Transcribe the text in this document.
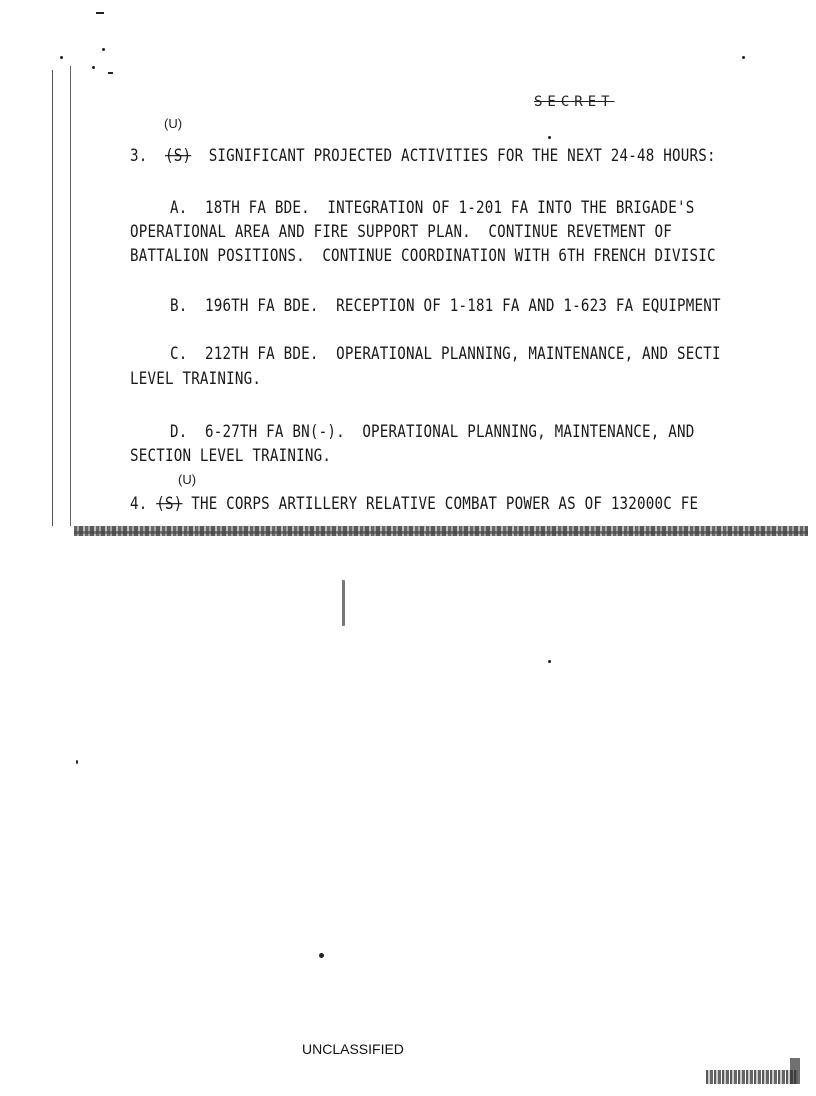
SECRET
(U)
3. (S) SIGNIFICANT PROJECTED ACTIVITIES FOR THE NEXT 24-48 HOURS:
A.  18TH FA BDE.  INTEGRATION OF 1-201 FA INTO THE BRIGADE'S
OPERATIONAL AREA AND FIRE SUPPORT PLAN.  CONTINUE REVETMENT OF
BATTALION POSITIONS.  CONTINUE COORDINATION WITH 6TH FRENCH DIVISIC
B.  196TH FA BDE.  RECEPTION OF 1-181 FA AND 1-623 FA EQUIPMENT
C.  212TH FA BDE.  OPERATIONAL PLANNING, MAINTENANCE, AND SECTI
LEVEL TRAINING.
D.  6-27TH FA BN(-).  OPERATIONAL PLANNING, MAINTENANCE, AND
SECTION LEVEL TRAINING.
(U)
4. (S) THE CORPS ARTILLERY RELATIVE COMBAT POWER AS OF 132000C FE
UNCLASSIFIED
